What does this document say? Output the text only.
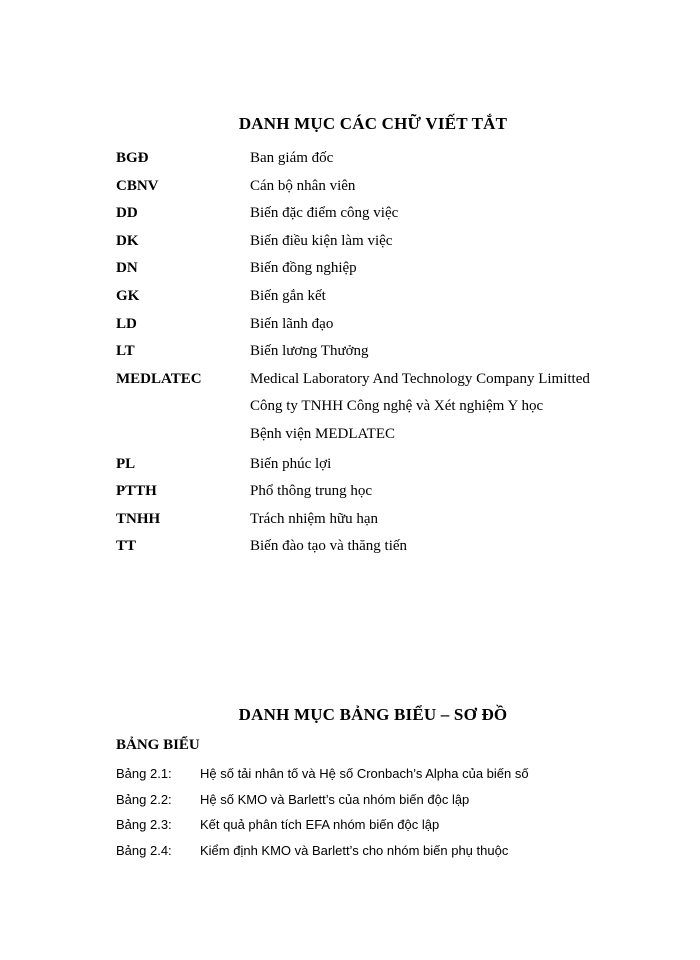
DANH MỤC CÁC CHỮ VIẾT TẮT
BGĐ	Ban giám đốc
CBNV	Cán bộ nhân viên
DD	Biến đặc điểm công việc
DK	Biến điều kiện làm việc
DN	Biến đồng nghiệp
GK	Biến gắn kết
LD	Biến lãnh đạo
LT	Biến lương Thưởng
MEDLATEC	Medical Laboratory And Technology Company Limitted
Công ty TNHH Công nghệ và Xét nghiệm Y học
Bệnh viện MEDLATEC
PL	Biến phúc lợi
PTTH	Phổ thông trung học
TNHH	Trách nhiệm hữu hạn
TT	Biến đào tạo và thăng tiến
DANH MỤC BẢNG BIỂU – SƠ ĐỒ
BẢNG BIỂU
Bảng 2.1:	Hệ số tải nhân tố và Hệ số Cronbach’s Alpha của biến số
Bảng 2.2:	Hệ số KMO và Barlett’s của nhóm biến độc lập
Bảng 2.3:	Kết quả phân tích EFA nhóm biến độc lập
Bảng 2.4:	Kiểm định KMO và Barlett’s cho nhóm biến phụ thuộc
